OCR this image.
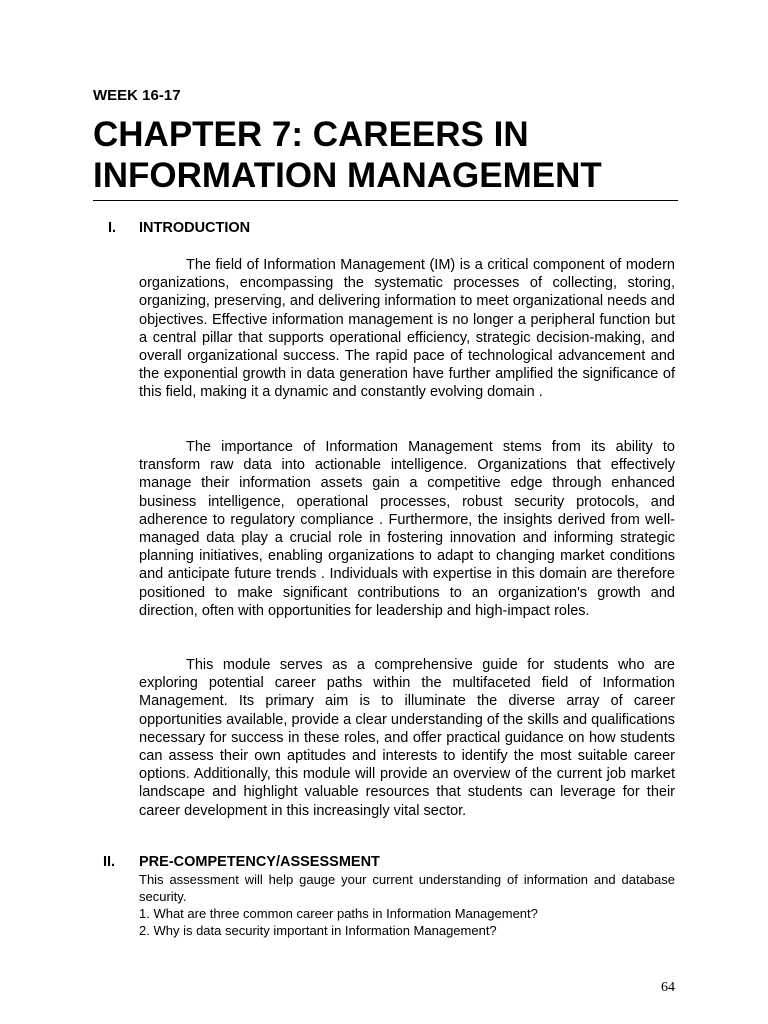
WEEK 16-17
CHAPTER 7: CAREERS IN INFORMATION MANAGEMENT
I. INTRODUCTION

The field of Information Management (IM) is a critical component of modern organizations, encompassing the systematic processes of collecting, storing, organizing, preserving, and delivering information to meet organizational needs and objectives. Effective information management is no longer a peripheral function but a central pillar that supports operational efficiency, strategic decision-making, and overall organizational success. The rapid pace of technological advancement and the exponential growth in data generation have further amplified the significance of this field, making it a dynamic and constantly evolving domain .

The importance of Information Management stems from its ability to transform raw data into actionable intelligence. Organizations that effectively manage their information assets gain a competitive edge through enhanced business intelligence, operational processes, robust security protocols, and adherence to regulatory compliance . Furthermore, the insights derived from well-managed data play a crucial role in fostering innovation and informing strategic planning initiatives, enabling organizations to adapt to changing market conditions and anticipate future trends . Individuals with expertise in this domain are therefore positioned to make significant contributions to an organization's growth and direction, often with opportunities for leadership and high-impact roles.

This module serves as a comprehensive guide for students who are exploring potential career paths within the multifaceted field of Information Management. Its primary aim is to illuminate the diverse array of career opportunities available, provide a clear understanding of the skills and qualifications necessary for success in these roles, and offer practical guidance on how students can assess their own aptitudes and interests to identify the most suitable career options. Additionally, this module will provide an overview of the current job market landscape and highlight valuable resources that students can leverage for their career development in this increasingly vital sector.

II. PRE-COMPETENCY/ASSESSMENT

This assessment will help gauge your current understanding of information and database security.

1. What are three common career paths in Information Management?

2. Why is data security important in Information Management?

64
